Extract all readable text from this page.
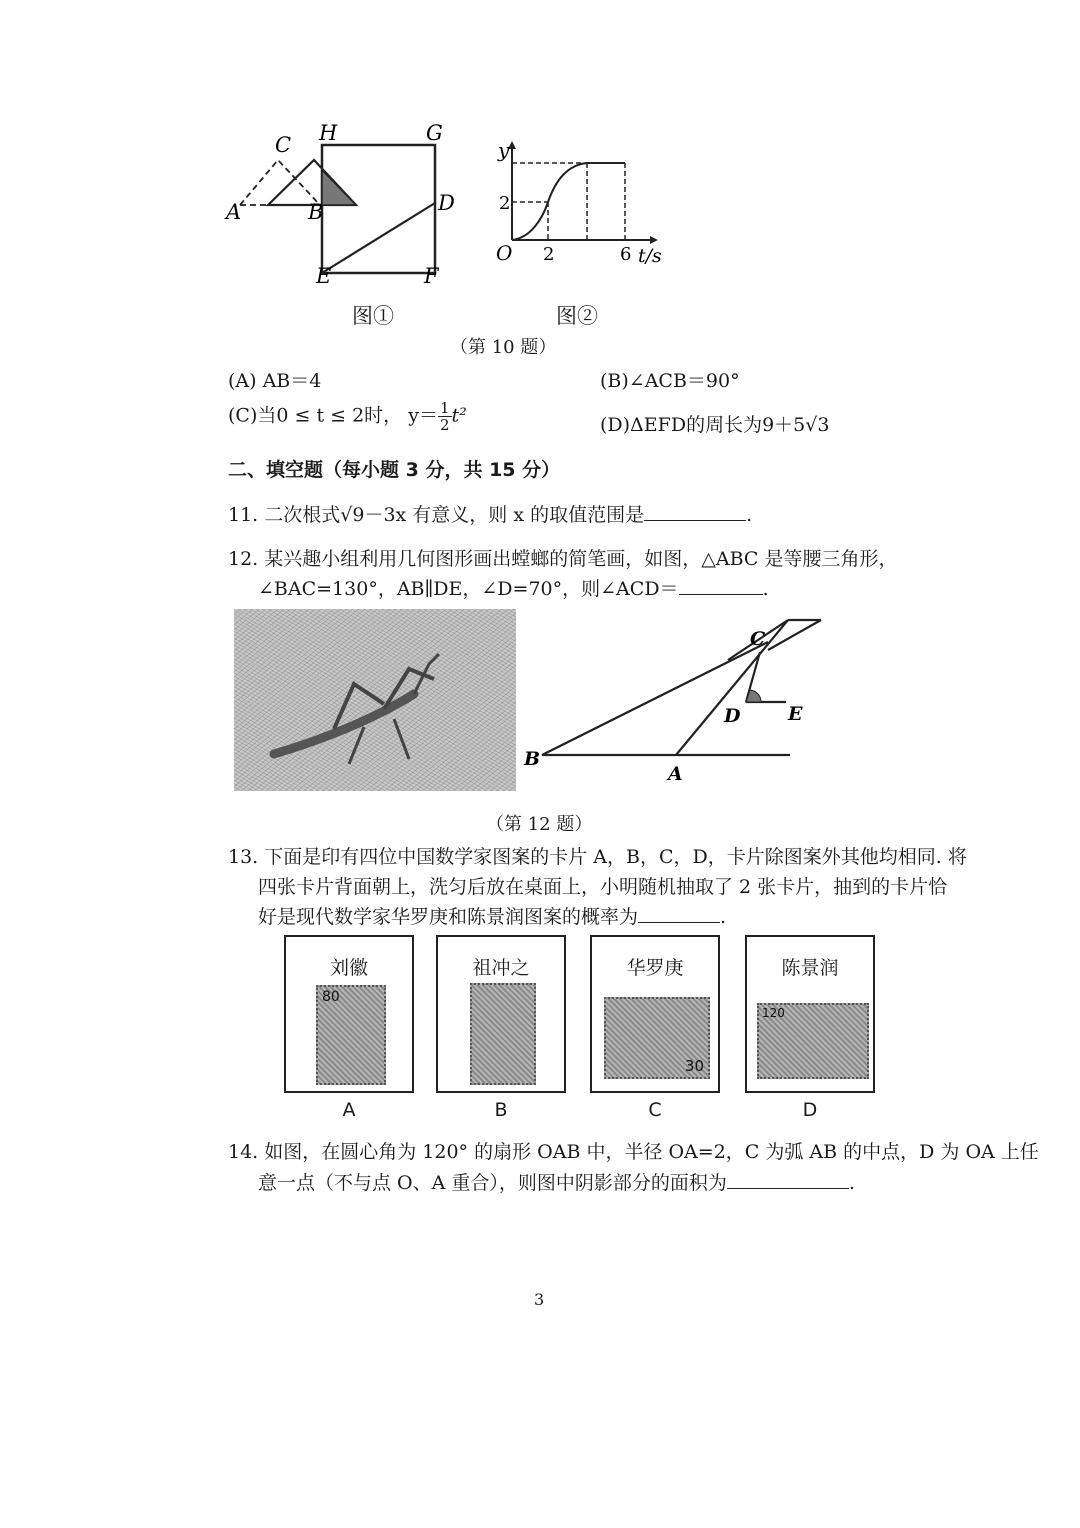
C H	G
A	B	D
E	F
图①
y
2
O 2	6 t/s
图②
（第 10 题）
(A) AB＝4	(B)∠ACB＝90°
(C)当0 ≤ t ≤ 2时， $y= \frac{1}{2} t^2$	(D)ΔEFD的周长为9＋5√3
二、填空题（每小题 3 分，共 15 分）
11. 二次根式√9－3x 有意义，则 x 的取值范围是	.
12. 某兴趣小组利用几何图形画出螳螂的简笔画，如图，△ABC 是等腰三角形，
∠BAC=130°，AB∥DE，∠D=70°，则∠ACD＝	.
C
D	E
B
A
（第 12 题）
13. 下面是印有四位中国数学家图案的卡片 A，B，C，D，卡片除图案外其他均相同. 将
四张卡片背面朝上，洗匀后放在桌面上，小明随机抽取了 2 张卡片，抽到的卡片恰
好是现代数学家华罗庚和陈景润图案的概率为	.
刘徽
80
祖冲之	华罗庚
30
陈景润
120
A	B	C	D
14. 如图，在圆心角为 120° 的扇形 OAB 中，半径 OA=2，C 为弧 AB 的中点，D 为 OA 上任
意一点（不与点 O、A 重合），则图中阴影部分的面积为	.
3
